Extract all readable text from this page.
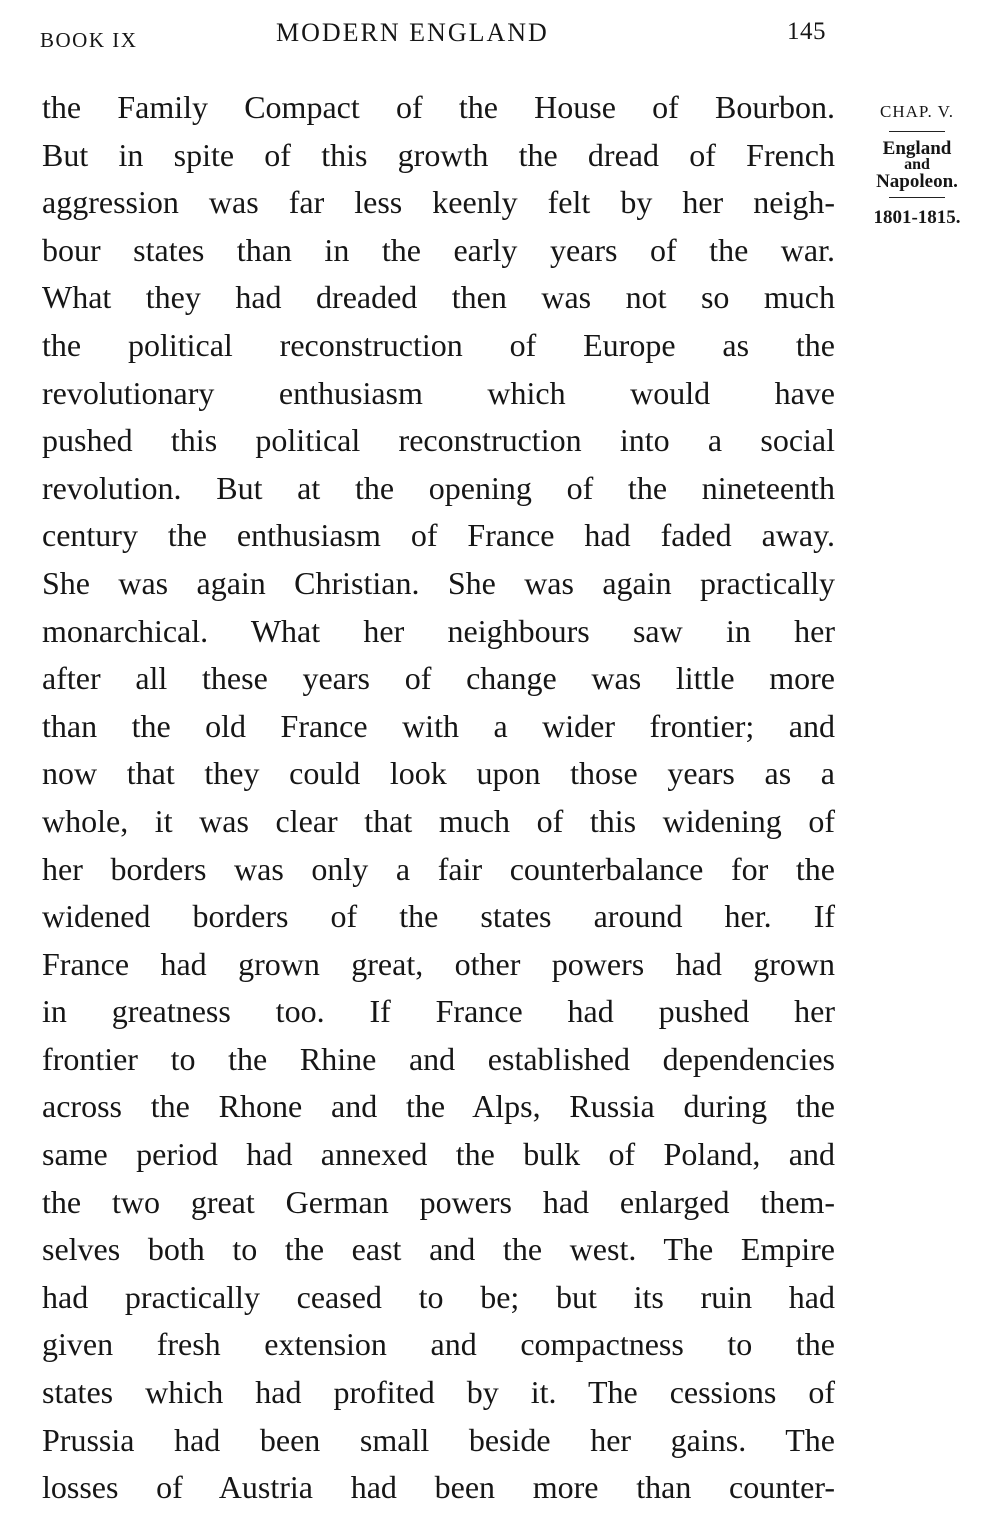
BOOK IX	MODERN ENGLAND	145
the Family Compact of the House of Bourbon.
But in spite of this growth the dread of French
aggression was far less keenly felt by her neigh-
bour states than in the early years of the war.
What they had dreaded then was not so much
the political reconstruction of Europe as the
revolutionary enthusiasm which would have
pushed this political reconstruction into a social
revolution. But at the opening of the nineteenth
century the enthusiasm of France had faded away.
She was again Christian. She was again practically
monarchical. What her neighbours saw in her
after all these years of change was little more
than the old France with a wider frontier; and
now that they could look upon those years as a
whole, it was clear that much of this widening of
her borders was only a fair counterbalance for the
widened borders of the states around her. If
France had grown great, other powers had grown
in greatness too. If France had pushed her
frontier to the Rhine and established dependencies
across the Rhone and the Alps, Russia during the
same period had annexed the bulk of Poland, and
the two great German powers had enlarged them-
selves both to the east and the west. The Empire
had practically ceased to be; but its ruin had
given fresh extension and compactness to the
states which had profited by it. The cessions of
Prussia had been small beside her gains. The
losses of Austria had been more than counter-
CHAP. V.
England
and
Napoleon.
1801-1815.
